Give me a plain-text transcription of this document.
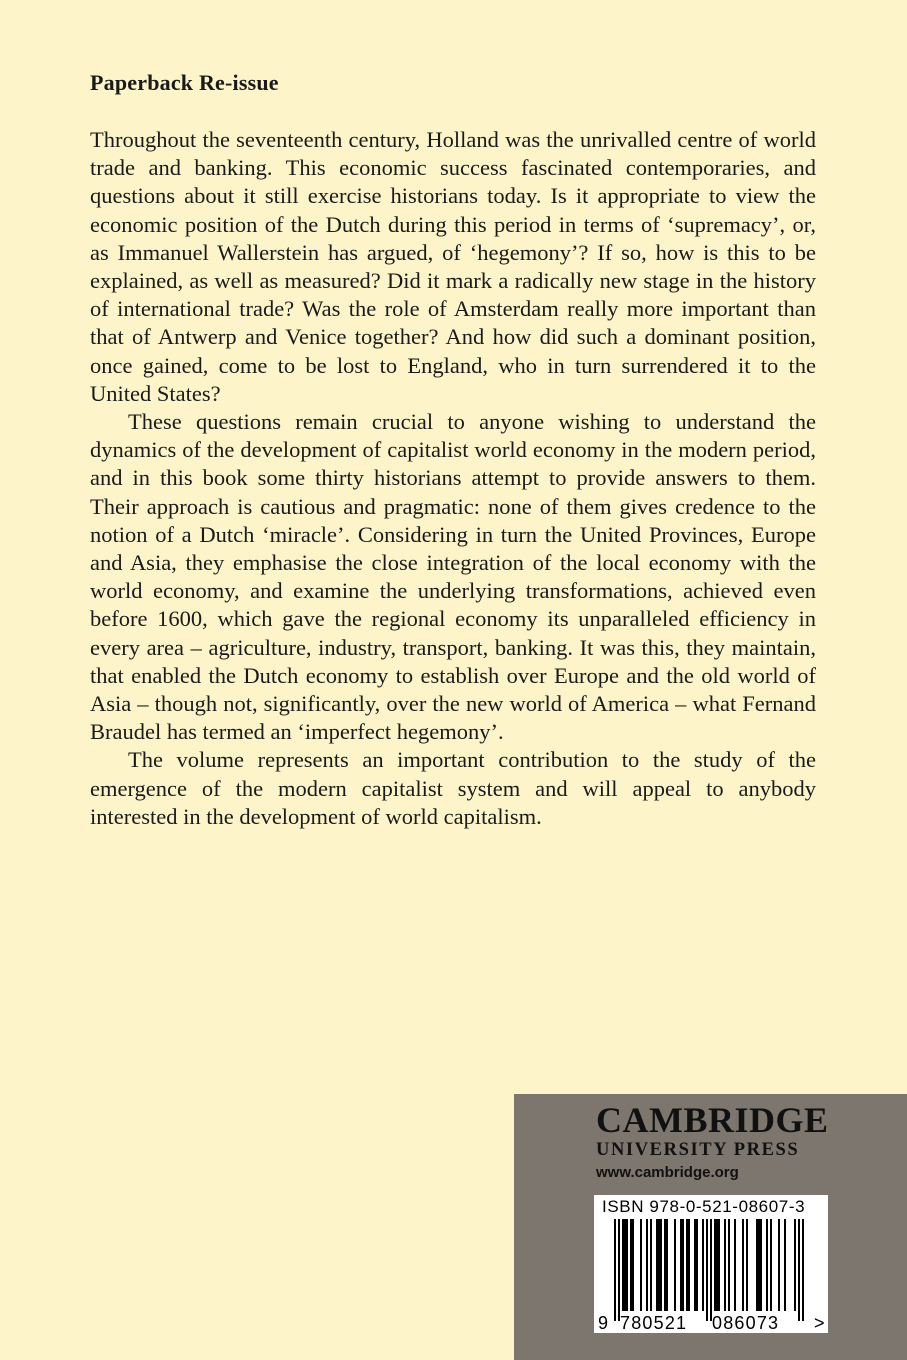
Paperback Re-issue

Throughout the seventeenth century, Holland was the unrivalled centre of world trade and banking. This economic success fascinated contemporaries, and questions about it still exercise historians today. Is it appropriate to view the economic position of the Dutch during this period in terms of ‘supremacy’, or, as Immanuel Wallerstein has argued, of ‘hegemony’? If so, how is this to be explained, as well as measured? Did it mark a radically new stage in the history of international trade? Was the role of Amsterdam really more important than that of Antwerp and Venice together? And how did such a dominant position, once gained, come to be lost to England, who in turn surrendered it to the United States?

These questions remain crucial to anyone wishing to understand the dynamics of the development of capitalist world economy in the modern period, and in this book some thirty historians attempt to provide answers to them. Their approach is cautious and pragmatic: none of them gives credence to the notion of a Dutch ‘miracle’. Considering in turn the United Provinces, Europe and Asia, they emphasise the close integration of the local economy with the world economy, and examine the underlying transformations, achieved even before 1600, which gave the regional economy its unparalleled efficiency in every area – agriculture, industry, transport, banking. It was this, they maintain, that enabled the Dutch economy to establish over Europe and the old world of Asia – though not, significantly, over the new world of America – what Fernand Braudel has termed an ‘imperfect hegemony’.

The volume represents an important contribution to the study of the emergence of the modern capitalist system and will appeal to anybody interested in the development of world capitalism.

CAMBRIDGE
UNIVERSITY PRESS
www.cambridge.org
ISBN 978-0-521-08607-3
9 780521 086073 >
